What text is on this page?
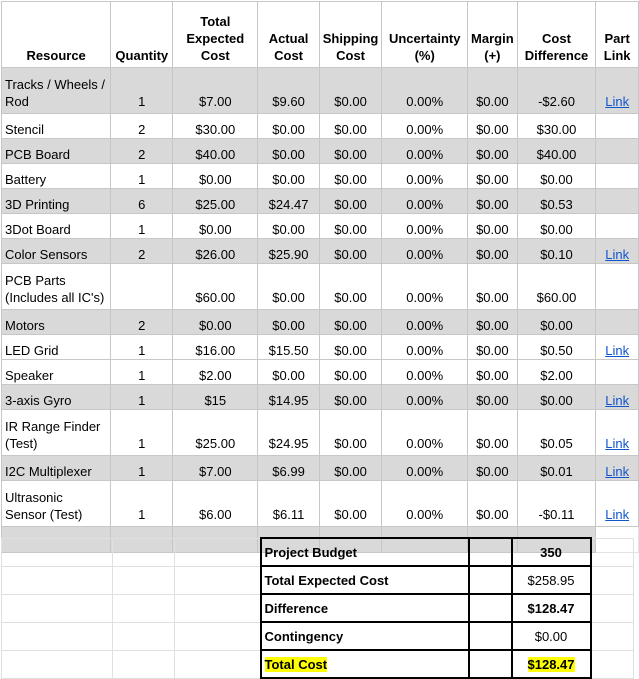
Resource	Quantity	Total Expected Cost	Actual Cost	Shipping Cost	Uncertainty (%)	Margin (+)	Cost Difference	Part Link
Tracks / Wheels / Rod	1	$7.00	$9.60	$0.00	0.00%	$0.00	-$2.60	Link
Stencil	2	$30.00	$0.00	$0.00	0.00%	$0.00	$30.00	
PCB Board	2	$40.00	$0.00	$0.00	0.00%	$0.00	$40.00	
Battery	1	$0.00	$0.00	$0.00	0.00%	$0.00	$0.00	
3D Printing	6	$25.00	$24.47	$0.00	0.00%	$0.00	$0.53	
3Dot Board	1	$0.00	$0.00	$0.00	0.00%	$0.00	$0.00	
Color Sensors	2	$26.00	$25.90	$0.00	0.00%	$0.00	$0.10	Link
PCB Parts (Includes all IC's)		$60.00	$0.00	$0.00	0.00%	$0.00	$60.00	
Motors	2	$0.00	$0.00	$0.00	0.00%	$0.00	$0.00	
LED Grid	1	$16.00	$15.50	$0.00	0.00%	$0.00	$0.50	Link
Speaker	1	$2.00	$0.00	$0.00	0.00%	$0.00	$2.00	
3-axis Gyro	1	$15	$14.95	$0.00	0.00%	$0.00	$0.00	Link
IR Range Finder (Test)	1	$25.00	$24.95	$0.00	0.00%	$0.00	$0.05	Link
I2C Multiplexer	1	$7.00	$6.99	$0.00	0.00%	$0.00	$0.01	Link
Ultrasonic Sensor (Test)	1	$6.00	$6.11	$0.00	0.00%	$0.00	-$0.11	Link

			Project Budget		350	
			Total Expected Cost		$258.95	
			Difference		$128.47	
			Contingency		$0.00	
			Total Cost		$128.47	
